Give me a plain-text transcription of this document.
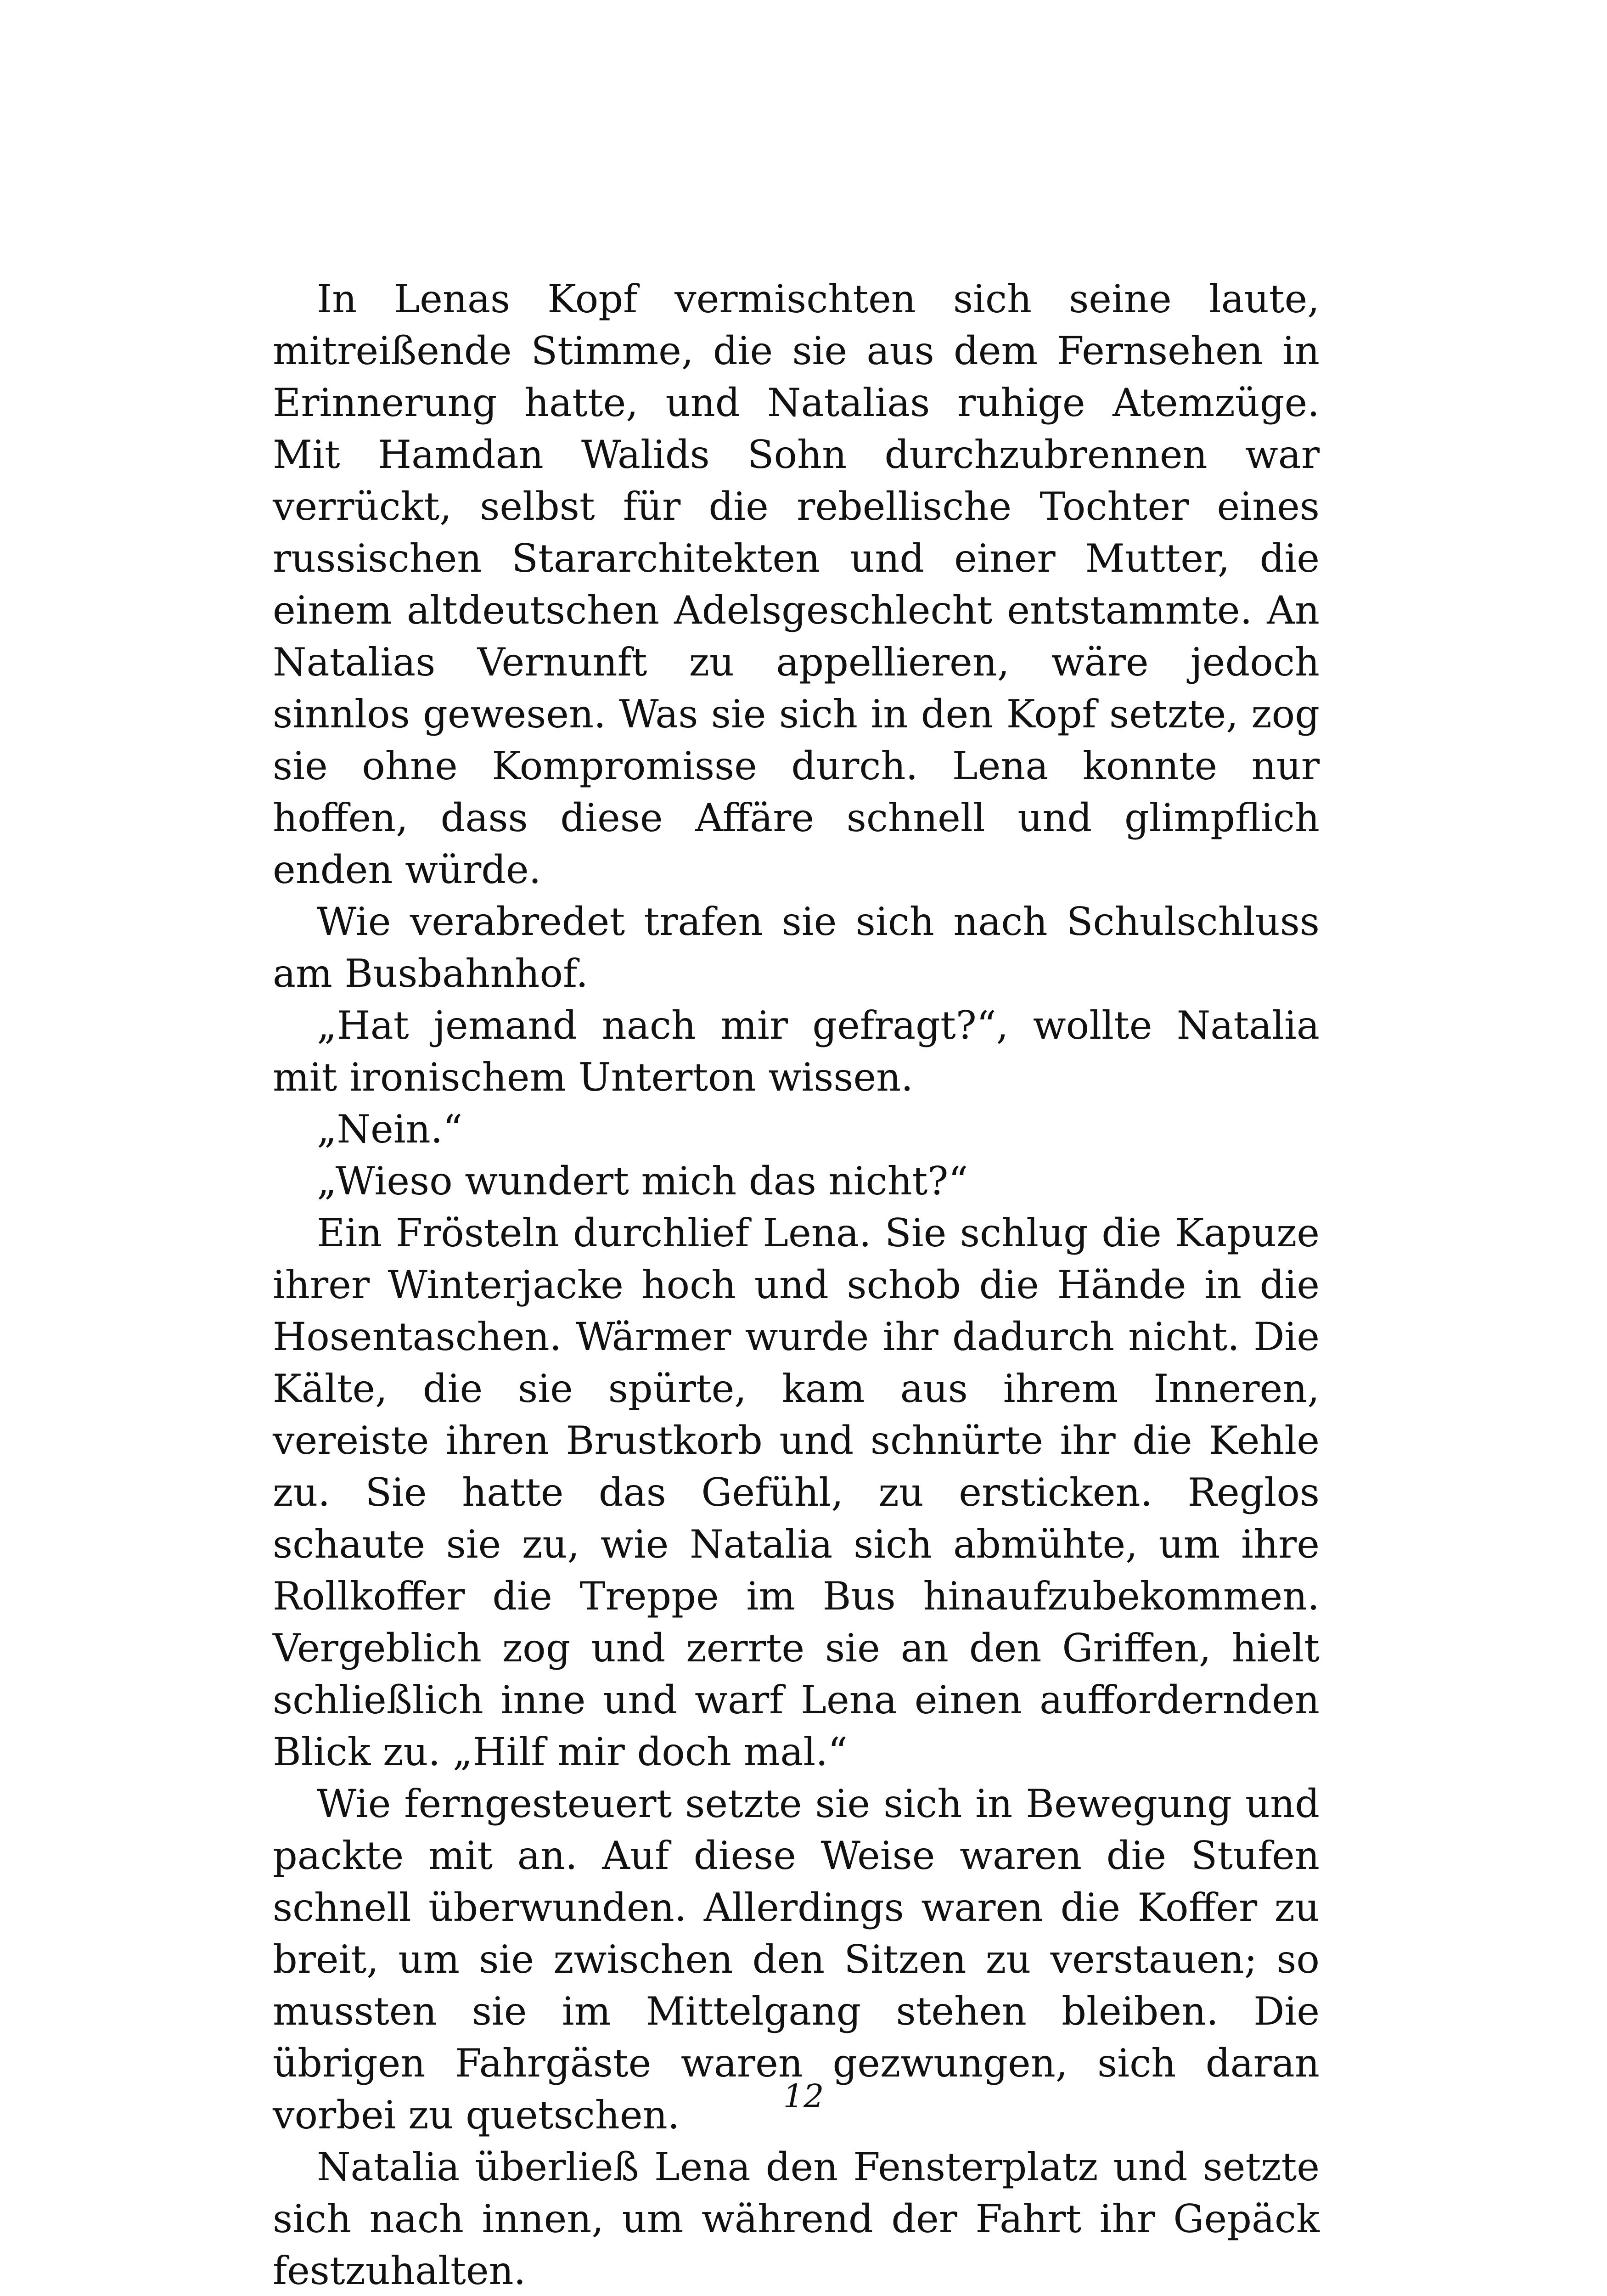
In Lenas Kopf vermischten sich seine laute, mitreißende Stimme, die sie aus dem Fernsehen in Erinnerung hatte, und Natalias ruhige Atemzüge. Mit Hamdan Walids Sohn durchzubrennen war verrückt, selbst für die rebellische Tochter eines russischen Stararchitekten und einer Mutter, die einem altdeutschen Adelsgeschlecht entstammte. An Natalias Vernunft zu appellieren, wäre jedoch sinnlos gewesen. Was sie sich in den Kopf setzte, zog sie ohne Kompromisse durch. Lena konnte nur hoffen, dass diese Affäre schnell und glimpflich enden würde.

Wie verabredet trafen sie sich nach Schulschluss am Busbahnhof.

„Hat jemand nach mir gefragt?“, wollte Natalia mit ironischem Unterton wissen.

„Nein.“

„Wieso wundert mich das nicht?“

Ein Frösteln durchlief Lena. Sie schlug die Kapuze ihrer Winterjacke hoch und schob die Hände in die Hosentaschen. Wärmer wurde ihr dadurch nicht. Die Kälte, die sie spürte, kam aus ihrem Inneren, vereiste ihren Brustkorb und schnürte ihr die Kehle zu. Sie hatte das Gefühl, zu ersticken. Reglos schaute sie zu, wie Natalia sich abmühte, um ihre Rollkoffer die Treppe im Bus hinaufzubekommen. Vergeblich zog und zerrte sie an den Griffen, hielt schließlich inne und warf Lena einen auffordernden Blick zu. „Hilf mir doch mal.“

Wie ferngesteuert setzte sie sich in Bewegung und packte mit an. Auf diese Weise waren die Stufen schnell überwunden. Allerdings waren die Koffer zu breit, um sie zwischen den Sitzen zu verstauen; so mussten sie im Mittelgang stehen bleiben. Die übrigen Fahrgäste waren gezwungen, sich daran vorbei zu quetschen.

Natalia überließ Lena den Fensterplatz und setzte sich nach innen, um während der Fahrt ihr Gepäck festzuhalten.

12
